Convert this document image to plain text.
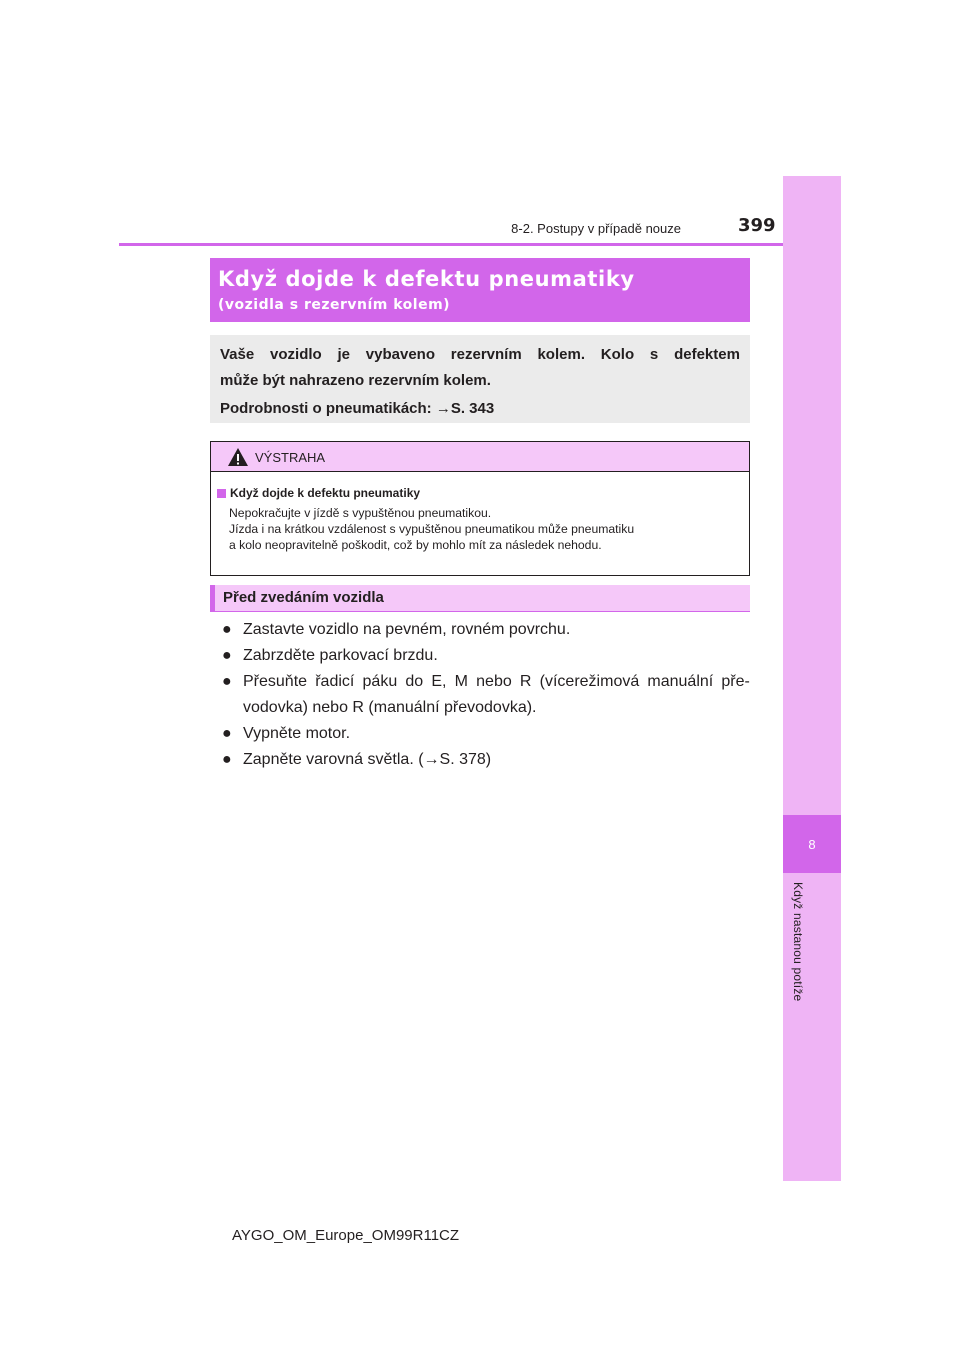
8
Když nastanou potíže
8-2. Postupy v případě nouze	399
Když dojde k defektu pneumatiky
(vozidla s rezervním kolem)
Vaše vozidlo je vybaveno rezervním kolem. Kolo s defektem
může být nahrazeno rezervním kolem.
Podrobnosti o pneumatikách: →S. 343
VÝSTRAHA
Když dojde k defektu pneumatiky
Nepokračujte v jízdě s vypuštěnou pneumatikou.
Jízda i na krátkou vzdálenost s vypuštěnou pneumatikou může pneumatiku
a kolo neopravitelně poškodit, což by mohlo mít za následek nehodu.
Před zvedáním vozidla
● Zastavte vozidlo na pevném, rovném povrchu.
● Zabrzděte parkovací brzdu.
● Přesuňte řadicí páku do E, M nebo R (vícerežimová manuální pře-
vodovka) nebo R (manuální převodovka).
● Vypněte motor.
● Zapněte varovná světla. (→S. 378)
AYGO_OM_Europe_OM99R11CZ
